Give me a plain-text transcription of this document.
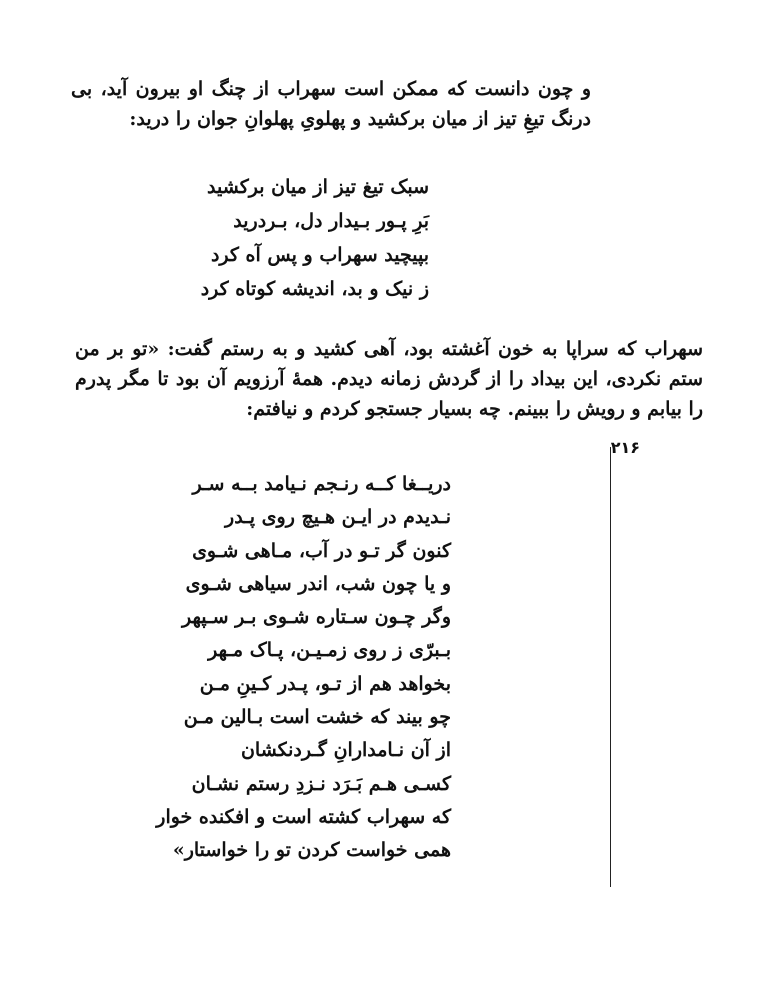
و چون دانست که ممکن است سهراب از چنگ او بیرون آید، بی درنگ تیغِ تیز از میان برکشید و پهلویِ پهلوانِ جوان را درید:

سبک تیغ تیز از میان برکشید
بَرِ پـور بـیدار دل، بـردرید
بپیچید سهراب و پس آه کرد
ز نیک و بد، اندیشه کوتاه کرد

سهراب که سراپا به خون آغشته بود، آهی کشید و به رستم گفت: «تو بر من ستم نکردی، این بیداد را از گردش زمانه دیدم. همهٔ آرزویم آن بود تا مگر پدرم را بیابم و رویش را ببینم. چه بسیار جستجو کردم و نیافتم:

۲۱۶
دریــغا کــه رنـجم نـیامد بــه سـر
نـدیدم در ایـن هـیچ روی پـدر
کنون گر تـو در آب، مـاهی شـوی
و یا چون شب، اندر سیاهی شـوی
وگر چـون سـتاره شـوی بـر سـپهر
بـبرّی ز روی زمـیـن، پـاک مـهر
بخواهد هم از تـو، پـدر کـینِ مـن
چو بیند که خشت است بـالین مـن
از آن نـامدارانِ گـردنکشان
کسـی هـم بَـرَد نـزدِ رستم نشـان
که سهراب کشته است و افکنده خوار
همی خواست کردن تو را خواستار»
